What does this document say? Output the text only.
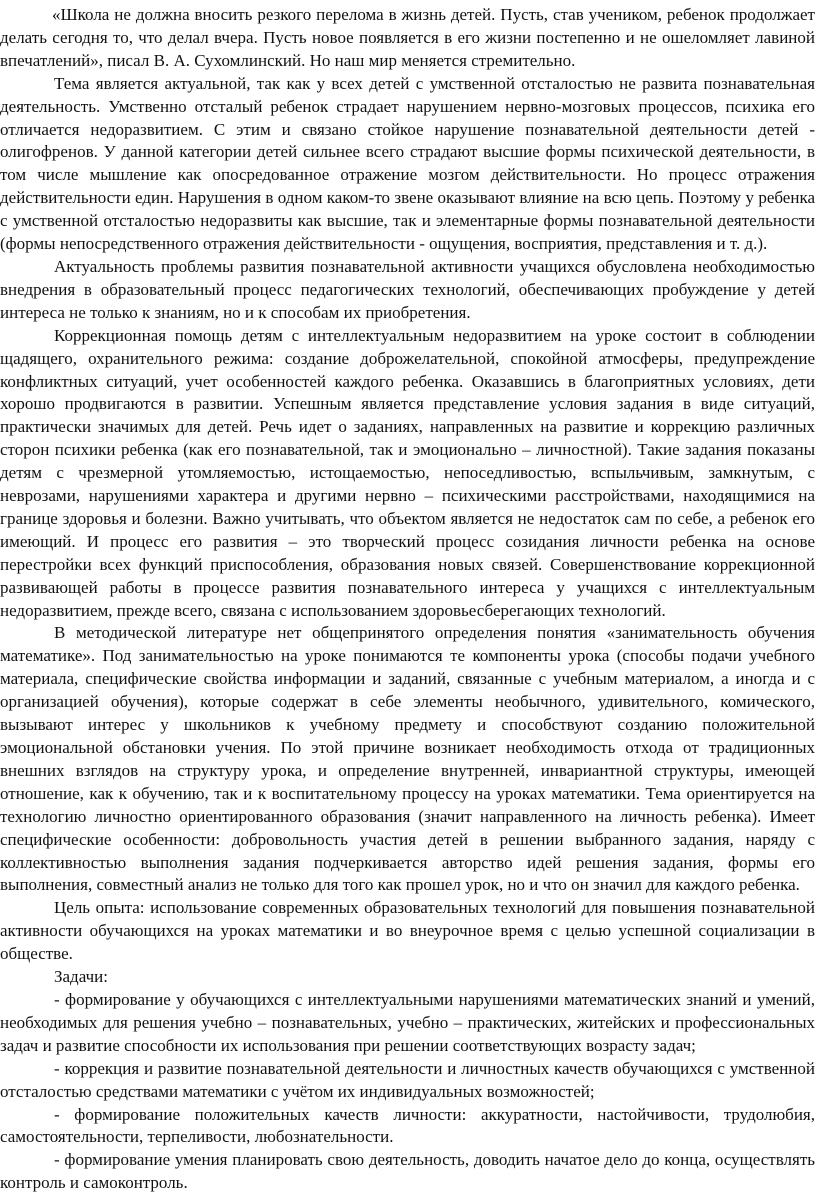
«Школа не должна вносить резкого перелома в жизнь детей. Пусть, став учеником, ребенок продолжает делать сегодня то, что делал вчера. Пусть новое появляется в его жизни постепенно и не ошеломляет лавиной впечатлений», писал В. А. Сухомлинский. Но наш мир меняется стремительно.

Тема является актуальной, так как у всех детей с умственной отсталостью не развита познавательная деятельность. Умственно отсталый ребенок страдает нарушением нервно-мозговых процессов, психика его отличается недоразвитием. С этим и связано стойкое нарушение познавательной деятельности детей - олигофренов. У данной категории детей сильнее всего страдают высшие формы психической деятельности, в том числе мышление как опосредованное отражение мозгом действительности. Но процесс отражения действительности един. Нарушения в одном каком-то звене оказывают влияние на всю цепь. Поэтому у ребенка с умственной отсталостью недоразвиты как высшие, так и элементарные формы познавательной деятельности (формы непосредственного отражения действительности - ощущения, восприятия, представления и т. д.).

Актуальность проблемы развития познавательной активности учащихся обусловлена необходимостью внедрения в образовательный процесс педагогических технологий, обеспечивающих пробуждение у детей интереса не только к знаниям, но и к способам их приобретения.

Коррекционная помощь детям с интеллектуальным недоразвитием на уроке состоит в соблюдении щадящего, охранительного режима: создание доброжелательной, спокойной атмосферы, предупреждение конфликтных ситуаций, учет особенностей каждого ребенка. Оказавшись в благоприятных условиях, дети хорошо продвигаются в развитии. Успешным является представление условия задания в виде ситуаций, практически значимых для детей. Речь идет о заданиях, направленных на развитие и коррекцию различных сторон психики ребенка (как его познавательной, так и эмоционально – личностной). Такие задания показаны детям с чрезмерной утомляемостью, истощаемостью, непоседливостью, вспыльчивым, замкнутым, с неврозами, нарушениями характера и другими нервно – психическими расстройствами, находящимися на границе здоровья и болезни. Важно учитывать, что объектом является не недостаток сам по себе, а ребенок его имеющий. И процесс его развития – это творческий процесс созидания личности ребенка на основе перестройки всех функций приспособления, образования новых связей. Совершенствование коррекционной развивающей работы в процессе развития познавательного интереса у учащихся с интеллектуальным недоразвитием, прежде всего, связана с использованием здоровьесберегающих технологий.

В методической литературе нет общепринятого определения понятия «занимательность обучения математике». Под занимательностью на уроке понимаются те компоненты урока (способы подачи учебного материала, специфические свойства информации и заданий, связанные с учебным материалом, а иногда и с организацией обучения), которые содержат в себе элементы необычного, удивительного, комического, вызывают интерес у школьников к учебному предмету и способствуют созданию положительной эмоциональной обстановки учения. По этой причине возникает необходимость отхода от традиционных внешних взглядов на структуру урока, и определение внутренней, инвариантной структуры, имеющей отношение, как к обучению, так и к воспитательному процессу на уроках математики. Тема ориентируется на технологию личностно ориентированного образования (значит направленного на личность ребенка). Имеет специфические особенности: добровольность участия детей в решении выбранного задания, наряду с коллективностью выполнения задания подчеркивается авторство идей решения задания, формы его выполнения, совместный анализ не только для того как прошел урок, но и что он значил для каждого ребенка.

Цель опыта: использование современных образовательных технологий для повышения познавательной активности обучающихся на уроках математики и во внеурочное время с целью успешной социализации в обществе.

Задачи:

- формирование у обучающихся с интеллектуальными нарушениями математических знаний и умений, необходимых для решения учебно – познавательных, учебно – практических, житейских и профессиональных задач и развитие способности их использования при решении соответствующих возрасту задач;

- коррекция и развитие познавательной деятельности и личностных качеств обучающихся с умственной отсталостью средствами математики с учётом их индивидуальных возможностей;

- формирование положительных качеств личности: аккуратности, настойчивости, трудолюбия, самостоятельности, терпеливости, любознательности.

- формирование умения планировать свою деятельность, доводить начатое дело до конца, осуществлять контроль и самоконтроль.
